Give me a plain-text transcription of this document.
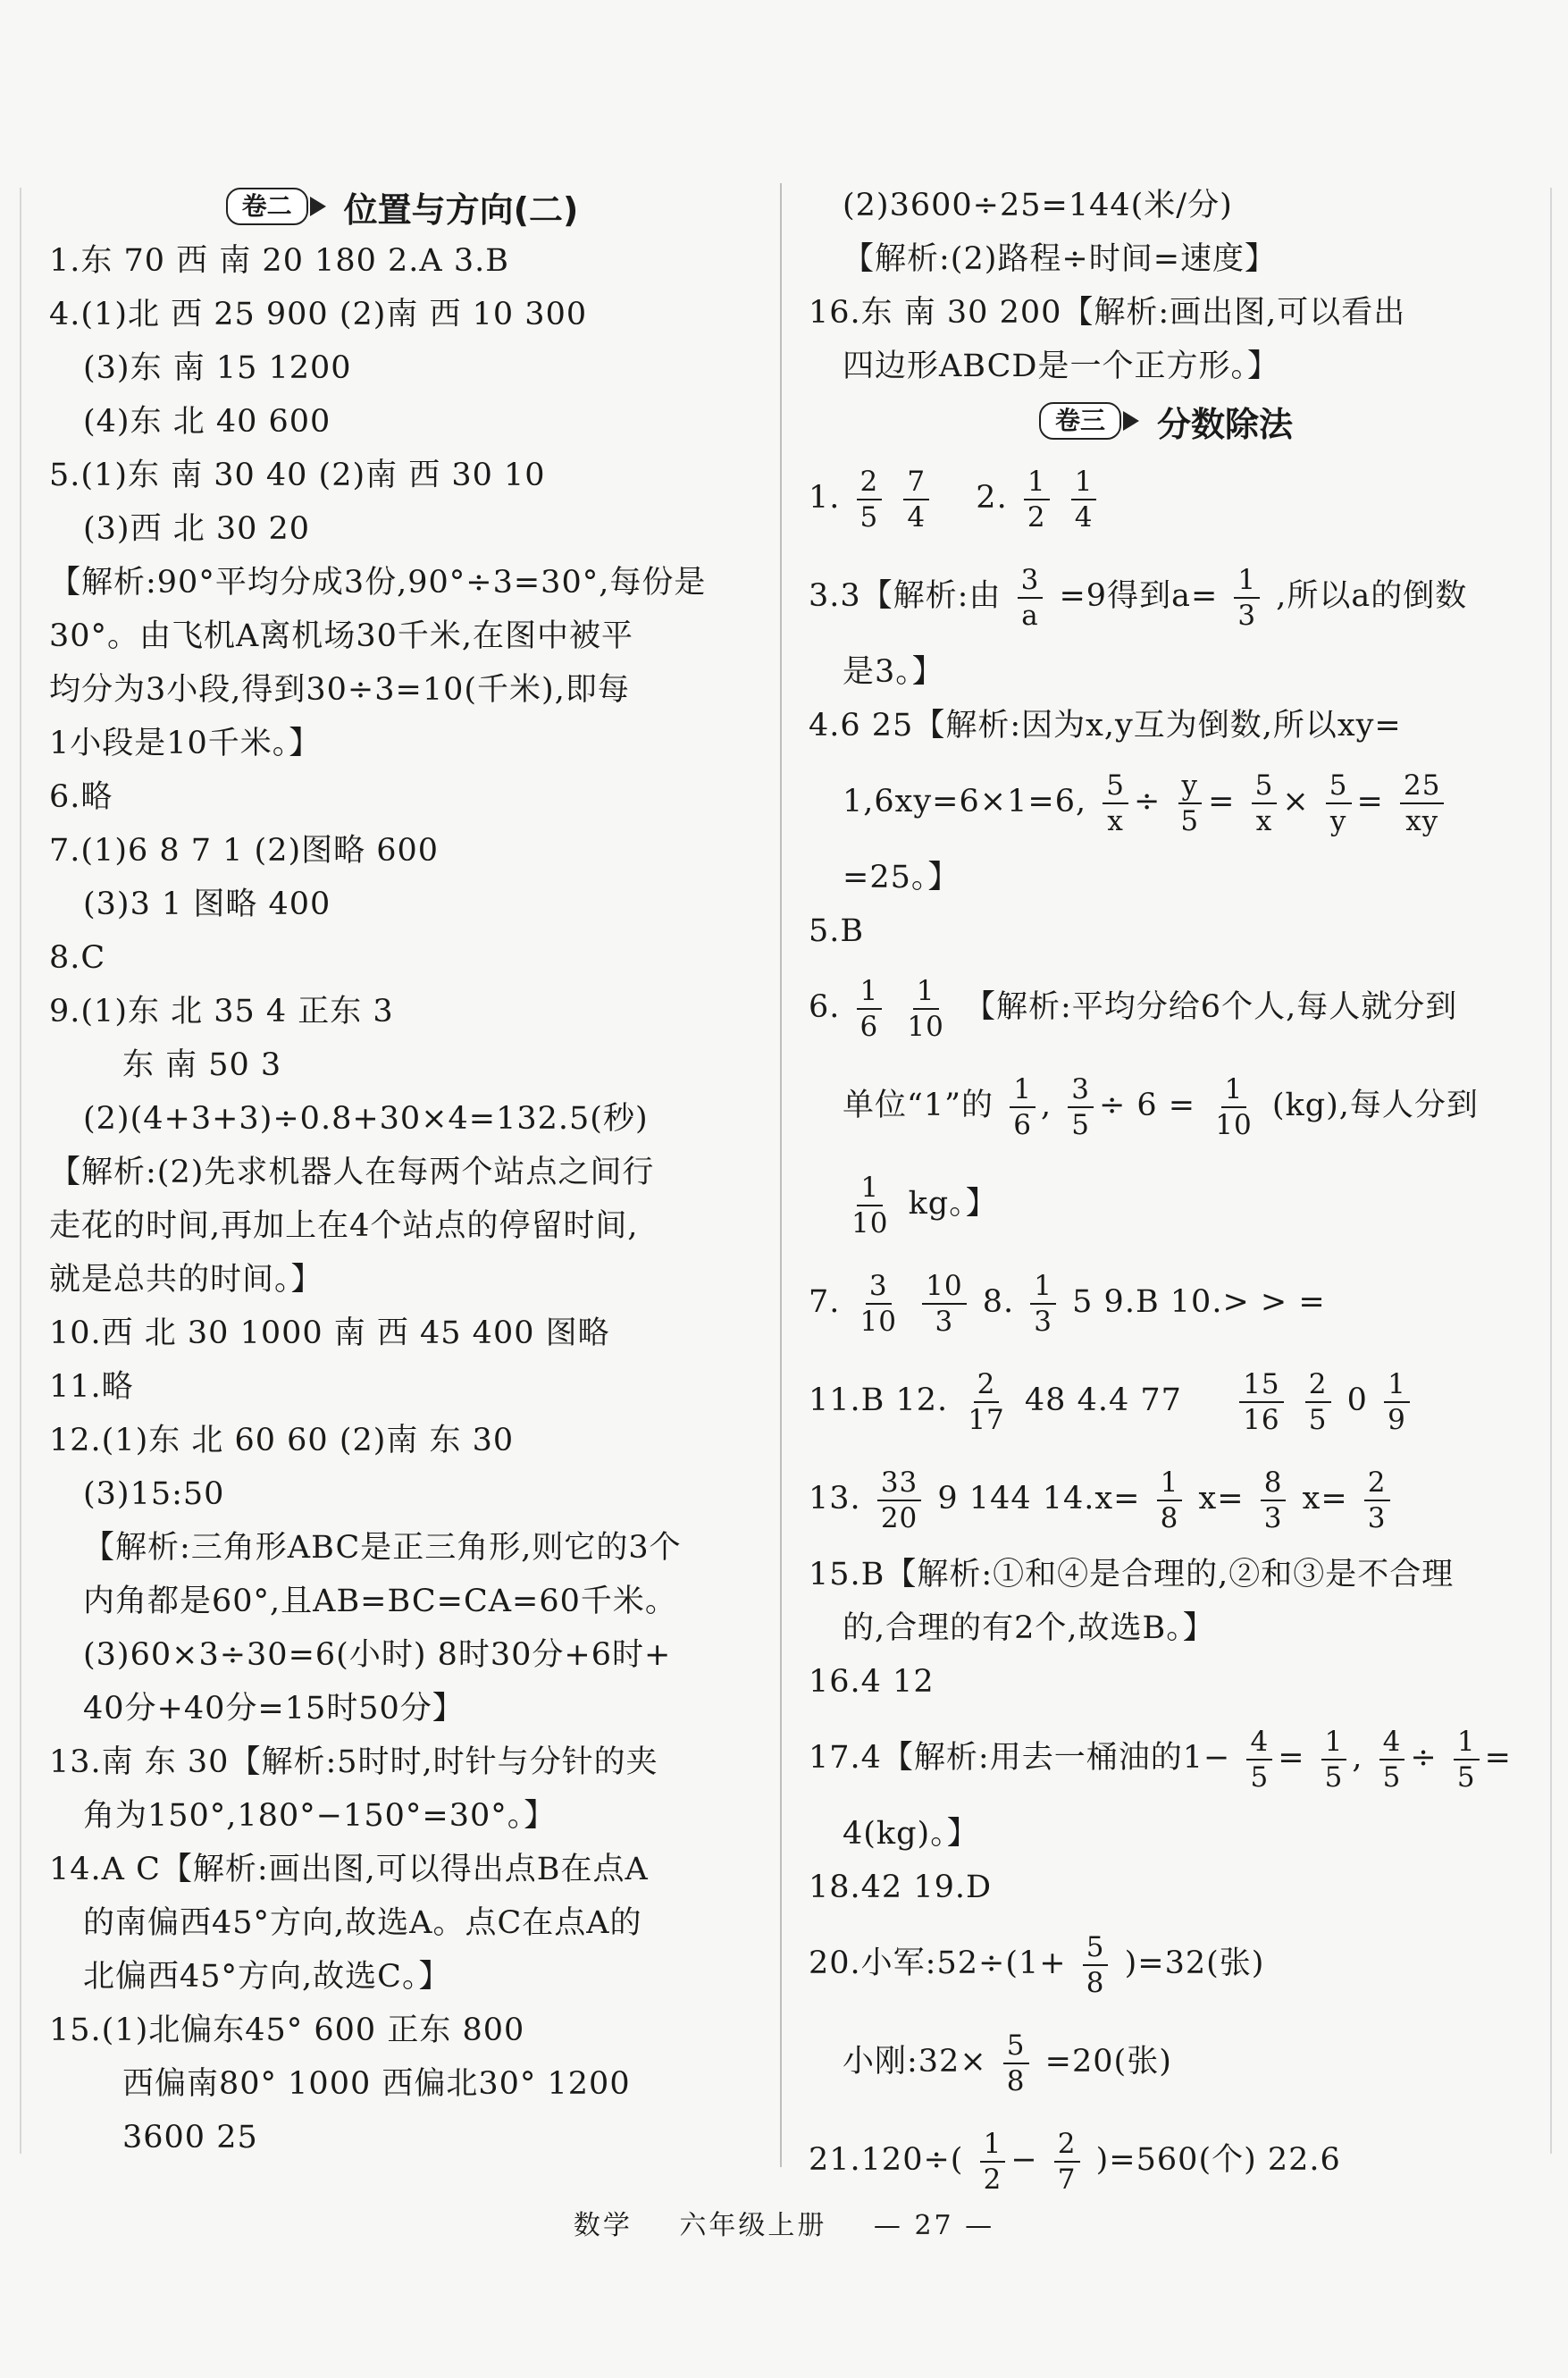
卷二	位置与方向(二)
1.东 70 西 南 20 180 2.A 3.B
4.(1)北 西 25 900 (2)南 西 10 300
(3)东 南 15 1200
(4)东 北 40 600
5.(1)东 南 30 40 (2)南 西 30 10
(3)西 北 30 20
【解析:90°平均分成3份,90°÷3=30°,每份是
30°。由飞机A离机场30千米,在图中被平
均分为3小段,得到30÷3=10(千米),即每
1小段是10千米。】
6.略
7.(1)6 8 7 1 (2)图略 600
(3)3 1 图略 400
8.C
9.(1)东 北 35 4 正东 3
东 南 50 3
(2)(4+3+3)÷0.8+30×4=132.5(秒)
【解析:(2)先求机器人在每两个站点之间行
走花的时间,再加上在4个站点的停留时间,
就是总共的时间。】
10.西 北 30 1000 南 西 45 400 图略
11.略
12.(1)东 北 60 60 (2)南 东 30
(3)15:50
【解析:三角形ABC是正三角形,则它的3个
内角都是60°,且AB=BC=CA=60千米。
(3)60×3÷30=6(小时) 8时30分+6时+
40分+40分=15时50分】
13.南 东 30【解析:5时时,时针与分针的夹
角为150°,180°−150°=30°。】
14.A C【解析:画出图,可以得出点B在点A
的南偏西45°方向,故选A。点C在点A的
北偏西45°方向,故选C。】
15.(1)北偏东45° 600 正东 800
西偏南80° 1000 西偏北30° 1200
3600 25
(2)3600÷25=144(米/分)
【解析:(2)路程÷时间=速度】
16.东 南 30 200【解析:画出图,可以看出
四边形ABCD是一个正方形。】
卷三	分数除法
1. $\frac{2}{5}$
$\frac{7}{4} 2$. $\frac{1}{2}$
$\frac{1}{4}$
3.3【解析:由 $\frac{3}{a} =9$得到$a= \frac{1}{3}$ ,所以a的倒数
是3。】
4.6 25【解析:因为x,y互为倒数,所以xy=
1,6xy=6×1=6, $\frac{5}{x} \div \frac{y}{5} = \frac{5}{x} \times \frac{5}{y} = \frac{25}{xy}$
=25。】
5.B
6. $\frac{1}{6}$
$\frac{1}{10}$ 【解析:平均分给6个人,每人就分到
单位“1”的 $\frac{1}{6}$ , $\frac{3}{5} \div 6 = \frac{1}{10} (kg)$,每人分到
$\frac{1}{10}$ kg。】
7. $\frac{3}{10}$
$\frac{10}{3} 8$. $\frac{1}{3} 5$ 9.B 10.> > =
11.B 12. $\frac{2}{17} 48$ 4.4 $77 \frac{15}{16}$
$\frac{2}{5} 0 \frac{1}{9}$
13. $\frac{33}{20} 9$ 144 $14.x= \frac{1}{8} x= \frac{8}{3} x= \frac{2}{3}$
15.B【解析:①和④是合理的,②和③是不合理
的,合理的有2个,故选B。】
16.4 12
17.4【解析:用去一桶油的$1- \frac{4}{5} = \frac{1}{5}$ , $\frac{4}{5} \div \frac{1}{5}$ =
4(kg)。】
18.42 19.D
20.小军:52÷(1+ $\frac{5}{8} )=32$(张)
小刚:32× $\frac{5}{8} =20$(张)
$21.120\div( \frac{1}{2} - \frac{2}{7} )=560$(个) 22.6
数学 六年级上册 — 27 —
